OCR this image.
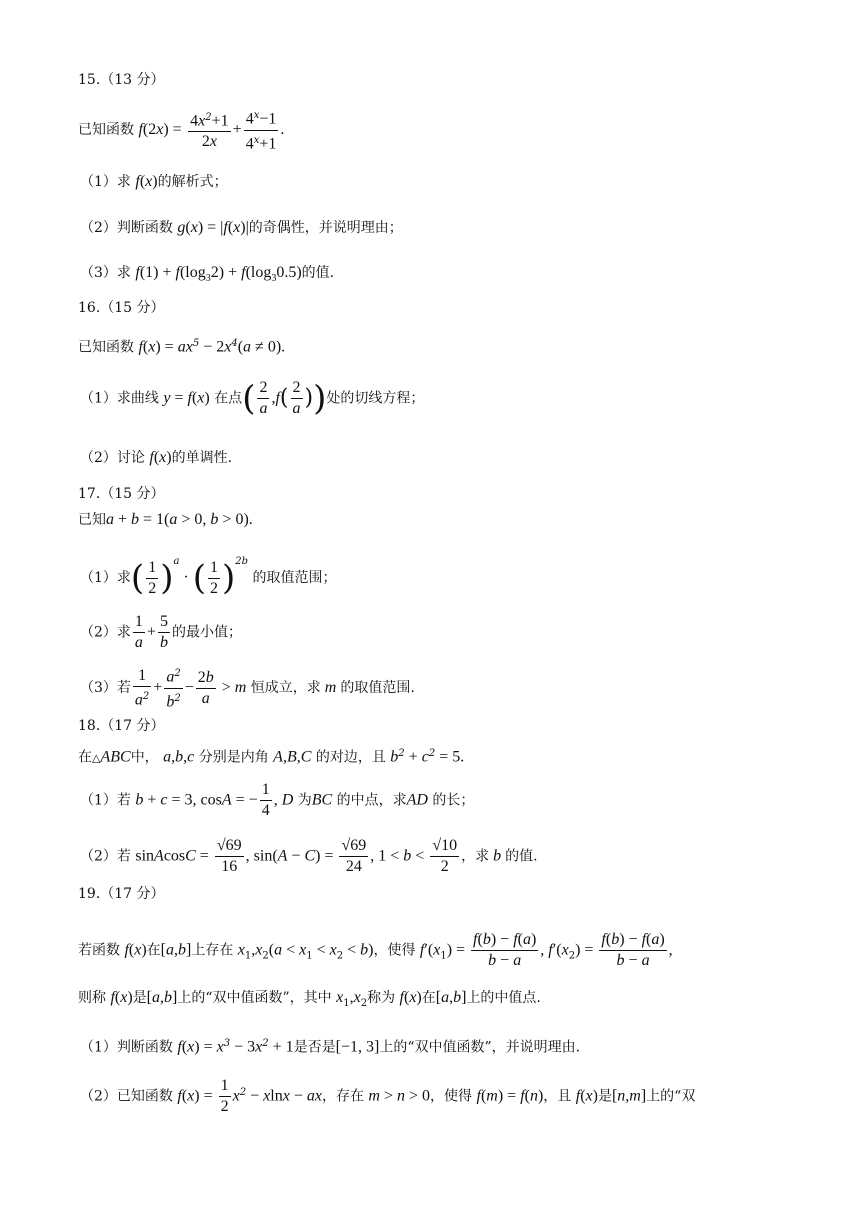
15.（13 分）
已知函数 $f(2x) = \frac{4x^2+1}{2x} + \frac{4^x-1}{4^x+1}$ .
（1）求 f(x)的解析式；
（2）判断函数 g(x) = |f(x)|的奇偶性，并说明理由；
（3）求 $f(1) + f(\log_32) + f(\log_30.5)$的值.
16.（15 分）
已知函数 $f(x) = ax^5 - 2x^4(a \ne 0)$.
（1）求曲线 y = f(x) 在点( $\frac{2}{a} ,f( \frac{2}{a}$ ))处的切线方程；
（2）讨论 f(x)的单调性.
17.（15 分）
已知a + b = 1(a > 0, b > 0).
（1）求( $\frac{1}{2} )^a$ · ( $\frac{1}{2} )^{2b}$ 的取值范围；
（2）求 $\frac{1}{a} + \frac{5}{b}$ 的最小值；
（3）若 $\frac{1}{a^2} + \frac{a^2}{b^2} - \frac{2b}{a} > m$ 恒成立，求 m 的取值范围.
18.（17 分）
在△ABC中， a,b,c 分别是内角 A,B,C 的对边，且 $b^2 + c^2 = 5$.
（1）若 b + c = 3, cosA = − $\frac{1}{4}$ , D 为BC 的中点，求AD 的长；
（2）若 sinAcosC = $\frac{√69}{16}$ , $\sin(A - C) = \frac{√69}{24}$ , $1 < b < \frac{√10}{2}$ ，求 b 的值.
19.（17 分）
若函数 f(x)在[a,b]上存在 $x_1,x_2(a < x_1 < x_2 < b)$，使得 $f'(x_1) = \frac{f(b) - f(a)}{b - a}$ , $f'(x_2) = \frac{f(b) - f(a)}{b - a}$ ,
则称 f(x)是[a,b]上的“双中值函数”，其中 $x_1,x_2$称为 f(x)在[a,b]上的中值点.
（1）判断函数 $f(x) = x^3 - 3x^2 + 1$是否是[−1, 3]上的“双中值函数”，并说明理由.
（2）已知函数 $f(x) = \frac{1}{2} x^2 - xlnx$ − ax，存在 m > n > 0，使得 f(m) = f(n)，且 f(x)是[n,m]上的“双
